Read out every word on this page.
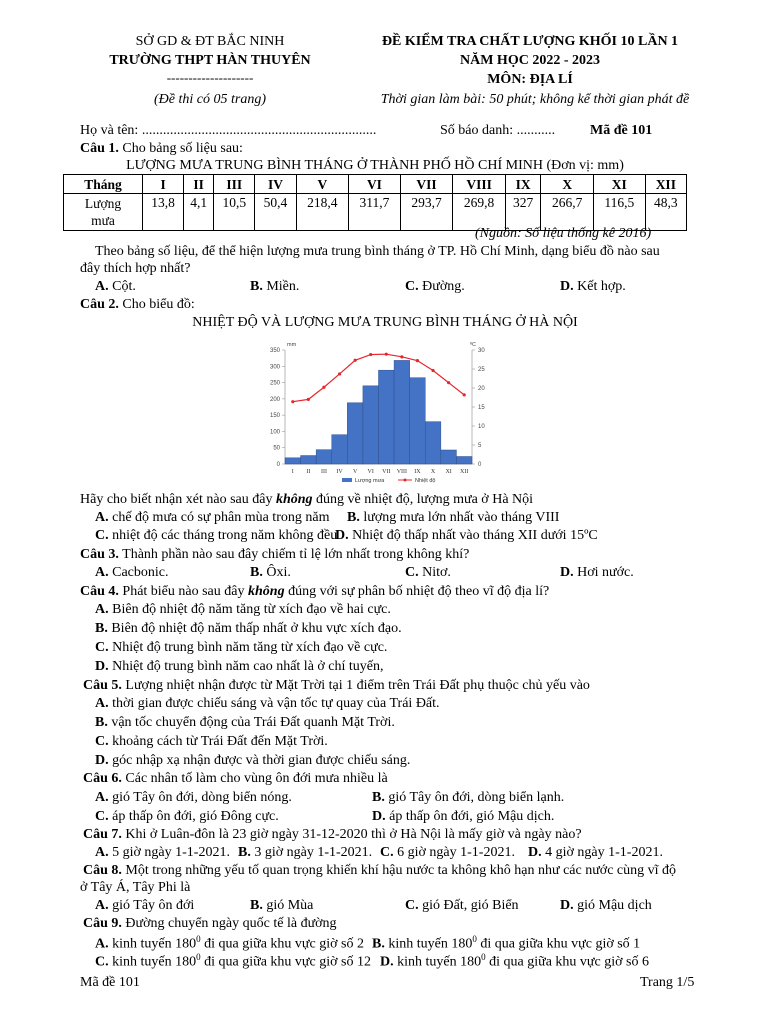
SỞ GD & ĐT BẮC NINH
TRƯỜNG THPT HÀN THUYÊN
--------------------
(Đề thi có 05 trang)
ĐỀ KIỂM TRA CHẤT LƯỢNG KHỐI 10 LẦN 1
NĂM HỌC 2022 - 2023
MÔN: ĐỊA LÍ
Thời gian làm bài: 50 phút; không kể thời gian phát đề
Họ và tên: ...................................................................	Số báo danh: ........... Mã đề 101
Câu 1. Cho bảng số liệu sau:
LƯỢNG MƯA TRUNG BÌNH THÁNG Ở THÀNH PHỐ HỒ CHÍ MINH (Đơn vị: mm)
Tháng	I	II	III	IV	V	VI	VII	VIII	IX	X	XI	XII
Lượng mưa	13,8	4,1	10,5	50,4	218,4	311,7	293,7	269,8	327	266,7	116,5	48,3
(Nguồn: Số liệu thống kê 2016)
Theo bảng số liệu, để thể hiện lượng mưa trung bình tháng ở TP. Hồ Chí Minh, dạng biểu đồ nào sau
đây thích hợp nhất?
A. Cột.	B. Miền.	C. Đường.	D. Kết hợp.
Câu 2. Cho biểu đồ:
NHIỆT ĐỘ VÀ LƯỢNG MƯA TRUNG BÌNH THÁNG Ở HÀ NỘI
0
50
100
150
200
250
300
350
0
5
10
15
20
25
30
mm	ºC
I II III IV V VI VII VIII IX X XI XII
Lượng mưa	Nhiệt độ
Hãy cho biết nhận xét nào sau đây không đúng về nhiệt độ, lượng mưa ở Hà Nội
A. chế độ mưa có sự phân mùa trong năm B. lượng mưa lớn nhất vào tháng VIII
C. nhiệt độ các tháng trong năm không đều
D. Nhiệt độ thấp nhất vào tháng XII dưới 15ºC
Câu 3. Thành phần nào sau đây chiếm tỉ lệ lớn nhất trong không khí?
A. Cacbonic.	B. Ôxi.	C. Nitơ.	D. Hơi nước.
Câu 4. Phát biểu nào sau đây không đúng với sự phân bố nhiệt độ theo vĩ độ địa lí?
A. Biên độ nhiệt độ năm tăng từ xích đạo về hai cực.
B. Biên độ nhiệt độ năm thấp nhất ở khu vực xích đạo.
C. Nhiệt độ trung bình năm tăng từ xích đạo về cực.
D. Nhiệt độ trung bình năm cao nhất là ở chí tuyến,
Câu 5. Lượng nhiệt nhận được từ Mặt Trời tại 1 điểm trên Trái Đất phụ thuộc chủ yếu vào
A. thời gian được chiếu sáng và vận tốc tự quay của Trái Đất.
B. vận tốc chuyển động của Trái Đất quanh Mặt Trời.
C. khoảng cách từ Trái Đất đến Mặt Trời.
D. góc nhập xạ nhận được và thời gian được chiếu sáng.
Câu 6. Các nhân tố làm cho vùng ôn đới mưa nhiều là
A. gió Tây ôn đới, dòng biển nóng.	B. gió Tây ôn đới, dòng biển lạnh.
C. áp thấp ôn đới, gió Đông cực.	D. áp thấp ôn đới, gió Mậu dịch.
Câu 7. Khi ở Luân-đôn là 23 giờ ngày 31-12-2020 thì ở Hà Nội là mấy giờ và ngày nào?
A. 5 giờ ngày 1-1-2021. B. 3 giờ ngày 1-1-2021. C. 6 giờ ngày 1-1-2021. D. 4 giờ ngày 1-1-2021.
Câu 8. Một trong những yếu tố quan trọng khiến khí hậu nước ta không khô hạn như các nước cùng vĩ độ
ở Tây Á, Tây Phi là
A. gió Tây ôn đới	B. gió Mùa	C. gió Đất, gió Biển	D. gió Mậu dịch
Câu 9. Đường chuyển ngày quốc tế là đường
A. kinh tuyến $180^0$ đi qua giữa khu vực giờ số 2 B. kinh tuyến $180^0$ đi qua giữa khu vực giờ số 1
C. kinh tuyến $180^0$ đi qua giữa khu vực giờ số 12 D. kinh tuyến $180^0$ đi qua giữa khu vực giờ số 6
Mã đề 101	Trang 1/5
